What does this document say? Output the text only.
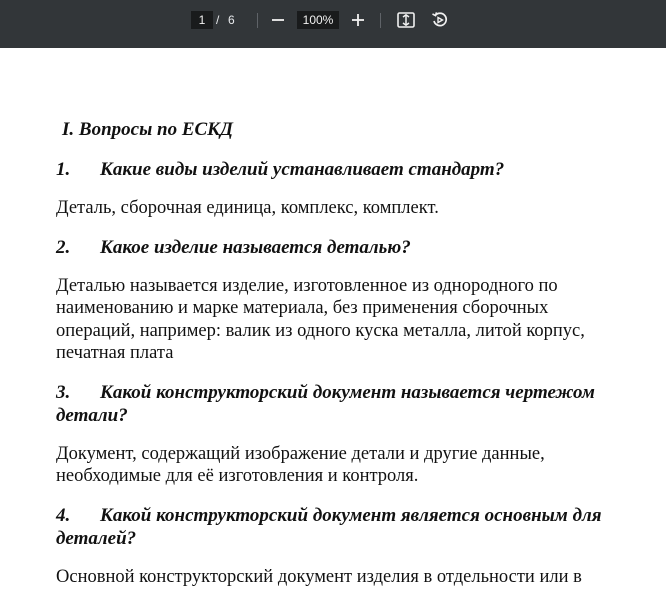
1
/ 6	100%

I. Вопросы по ЕСКД

1. Какие виды изделий устанавливает стандарт?

Деталь, сборочная единица, комплекс, комплект.

2. Какое изделие называется деталью?

Деталью называется изделие, изготовленное из однородного по наименованию и марке материала, без применения сборочных операций, например: валик из одного куска металла, литой корпус, печатная плата

3. Какой конструкторский документ называется чертежом детали?

Документ, содержащий изображение детали и другие данные, необходимые для её изготовления и контроля.

4. Какой конструкторский документ является основным для деталей?

Основной конструкторский документ изделия в отдельности или в
